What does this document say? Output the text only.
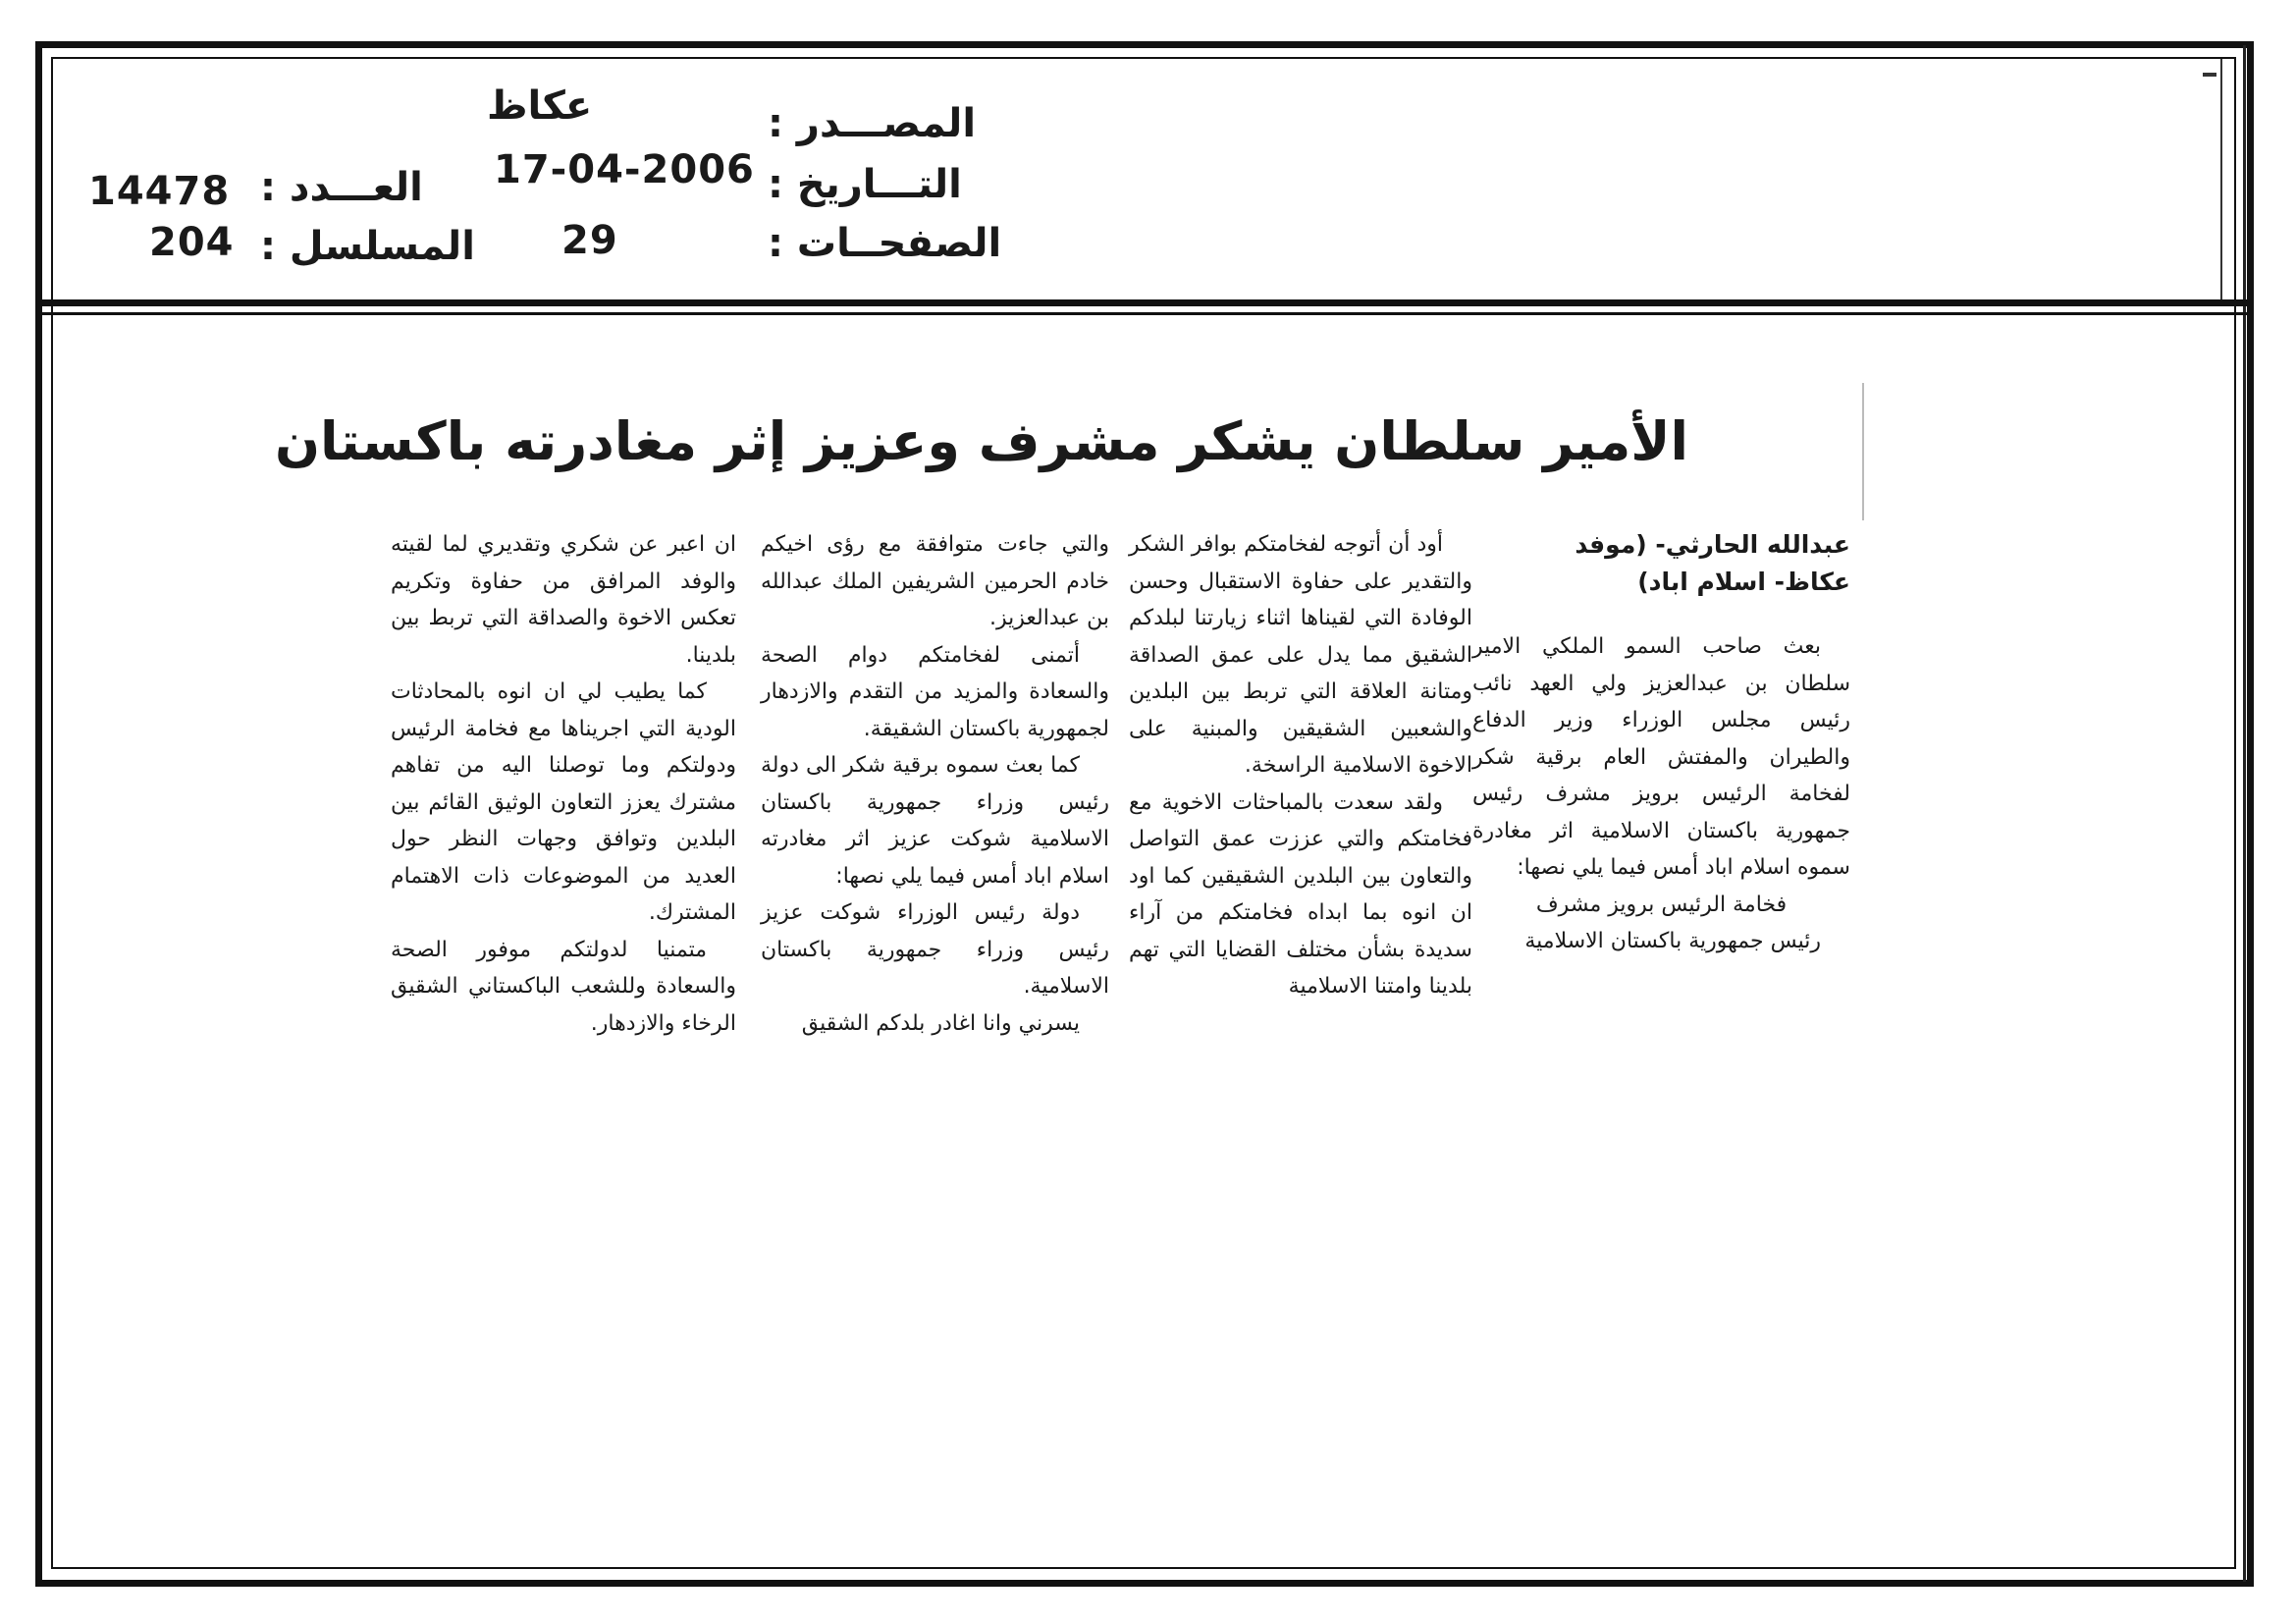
المصـــدر :
عكاظ
التـــاريخ :
17-04-2006
الصفحــات :
29
العـــدد :
14478
المسلسل :
204
الأمير سلطان يشكر مشرف وعزيز إثر مغادرته باكستان
عبدالله الحارثي- (موفد
عكاظ- اسلام اباد)

بعث صاحب السمو الملكي الامير سلطان بن عبدالعزيز ولي العهد نائب رئيس مجلس الوزراء وزير الدفاع والطيران والمفتش العام برقية شكر لفخامة الرئيس برويز مشرف رئيس جمهورية باكستان الاسلامية اثر مغادرة سموه اسلام اباد أمس فيما يلي نصها:

فخامة الرئيس برويز مشرف

رئيس جمهورية باكستان الاسلامية

أود أن أتوجه لفخامتكم بوافر الشكر والتقدير على حفاوة الاستقبال وحسن الوفادة التي لقيناها اثناء زيارتنا لبلدكم الشقيق مما يدل على عمق الصداقة ومتانة العلاقة التي تربط بين البلدين والشعبين الشقيقين والمبنية على الاخوة الاسلامية الراسخة.

ولقد سعدت بالمباحثات الاخوية مع فخامتكم والتي عززت عمق التواصل والتعاون بين البلدين الشقيقين كما اود ان انوه بما ابداه فخامتكم من آراء سديدة بشأن مختلف القضايا التي تهم بلدينا وامتنا الاسلامية

والتي جاءت متوافقة مع رؤى اخيكم خادم الحرمين الشريفين الملك عبدالله بن عبدالعزيز.

أتمنى لفخامتكم دوام الصحة والسعادة والمزيد من التقدم والازدهار لجمهورية باكستان الشقيقة.

كما بعث سموه برقية شكر الى دولة رئيس وزراء جمهورية باكستان الاسلامية شوكت عزيز اثر مغادرته اسلام اباد أمس فيما يلي نصها:

دولة رئيس الوزراء شوكت عزيز رئيس وزراء جمهورية باكستان الاسلامية.

يسرني وانا اغادر بلدكم الشقيق

ان اعبر عن شكري وتقديري لما لقيته والوفد المرافق من حفاوة وتكريم تعكس الاخوة والصداقة التي تربط بين بلدينا.

كما يطيب لي ان انوه بالمحادثات الودية التي اجريناها مع فخامة الرئيس ودولتكم وما توصلنا اليه من تفاهم مشترك يعزز التعاون الوثيق القائم بين البلدين وتوافق وجهات النظر حول العديد من الموضوعات ذات الاهتمام المشترك.

متمنيا لدولتكم موفور الصحة والسعادة وللشعب الباكستاني الشقيق الرخاء والازدهار.
